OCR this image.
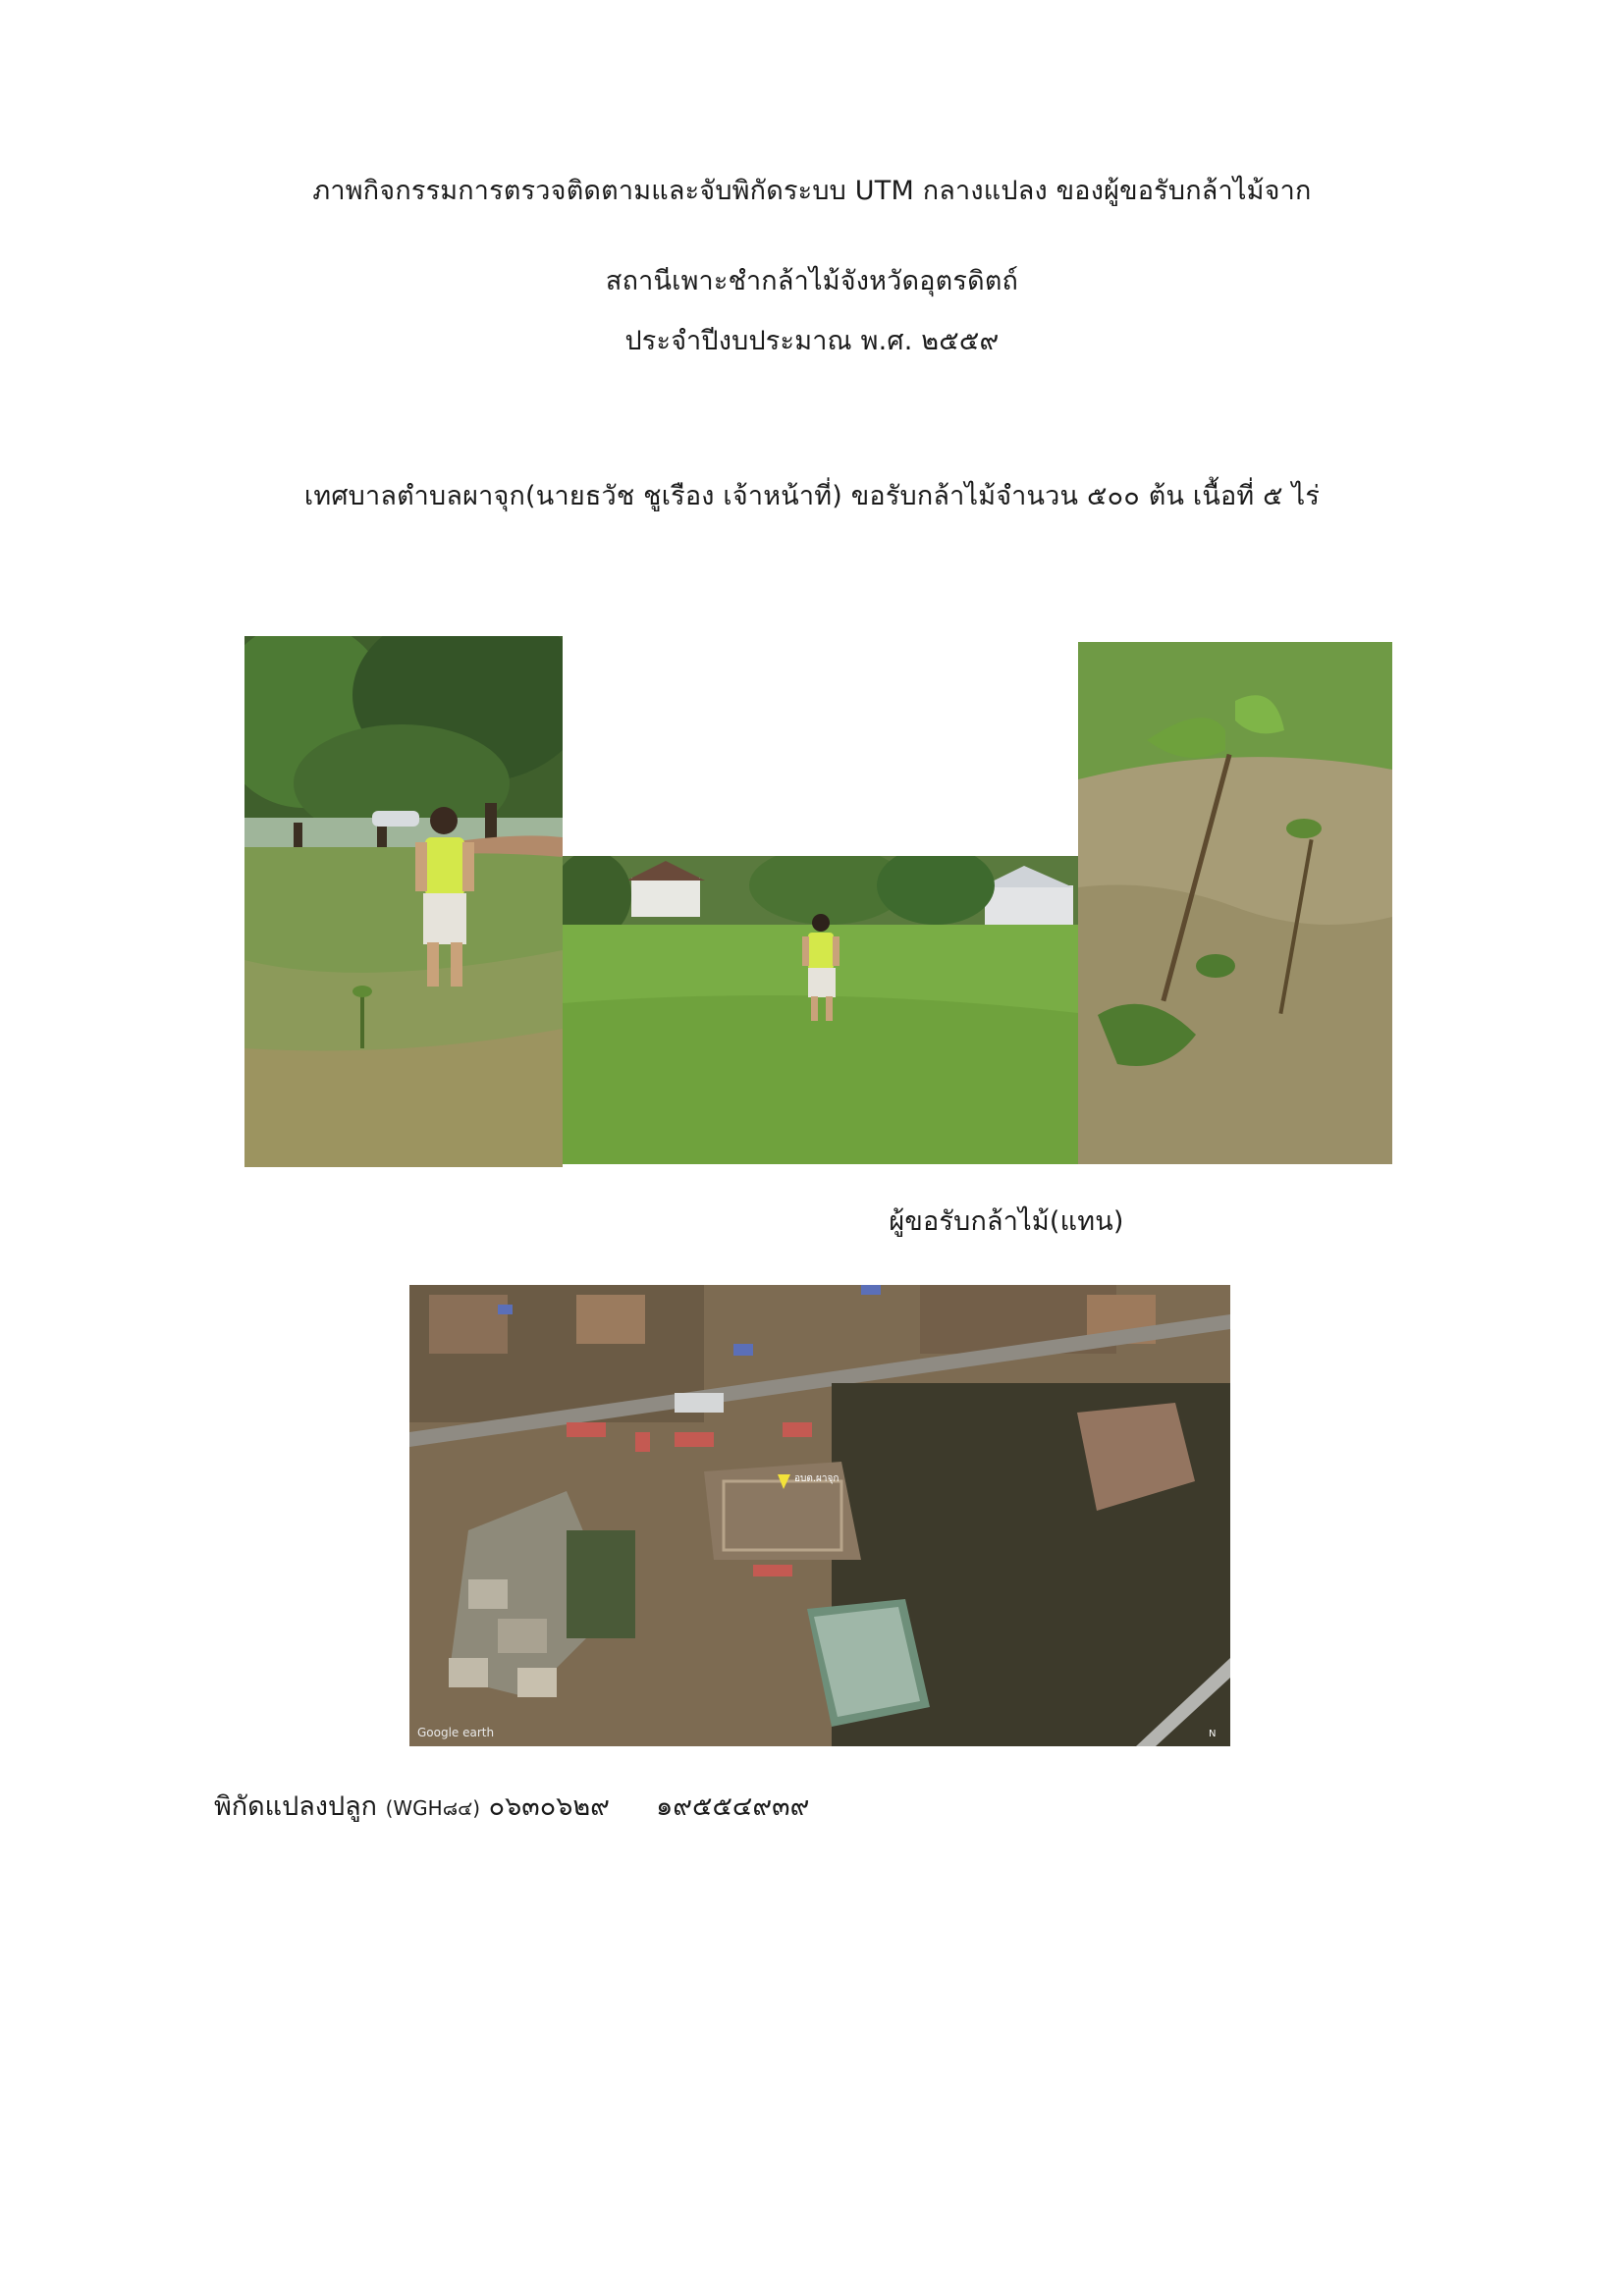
ภาพกิจกรรมการตรวจติดตามและจับพิกัดระบบ UTM กลางแปลง ของผู้ขอรับกล้าไม้จาก
สถานีเพาะชำกล้าไม้จังหวัดอุตรดิตถ์
ประจำปีงบประมาณ พ.ศ. ๒๕๕๙
เทศบาลตำบลผาจุก(นายธวัช ชูเรือง เจ้าหน้าที่) ขอรับกล้าไม้จำนวน ๕๐๐ ต้น เนื้อที่ ๕ ไร่
ผู้ขอรับกล้าไม้(แทน)
อบต.ผาจุก
Google earth	N
พิกัดแปลงปลูก (WGH๘๔) ๐๖๓๐๖๒๙ ๑๙๕๕๔๙๓๙
